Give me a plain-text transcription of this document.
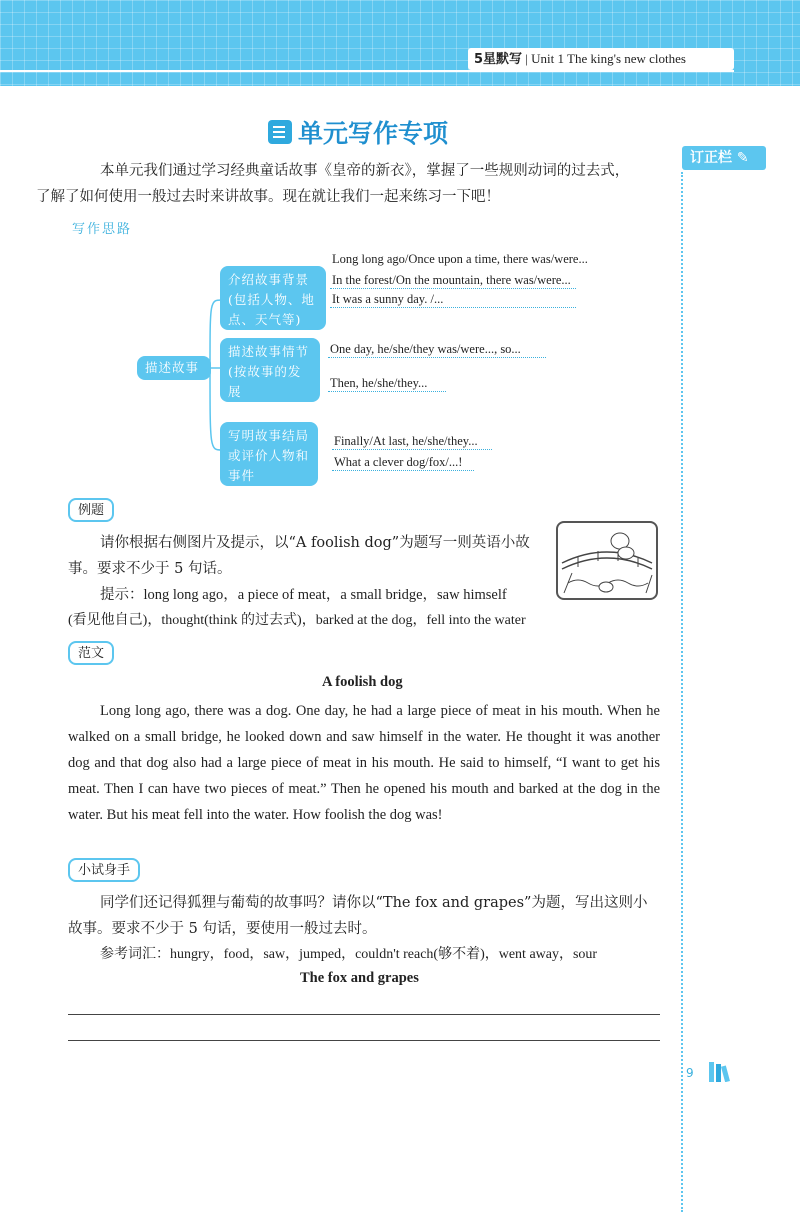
5星默写 | Unit 1 The king's new clothes
单元写作专项
订正栏 ✎
本单元我们通过学习经典童话故事《皇帝的新衣》，掌握了一些规则动词的过去式，
了解了如何使用一般过去时来讲故事。现在就让我们一起来练习一下吧！
写作思路
描述故事
介绍故事背景
(包括人物、地
点、天气等)
描述故事情节
(按故事的发展
顺序)
写明故事结局
或评价人物和
事件
Long long ago/Once upon a time, there was/were...
In the forest/On the mountain, there was/were...
It was a sunny day. /...
One day, he/she/they was/were..., so...
Then, he/she/they...
Finally/At last, he/she/they...
What a clever dog/fox/...!
例题
请你根据右侧图片及提示，以“A foolish dog”为题写一则英语小故
事。要求不少于 5 句话。
提示：long long ago，a piece of meat，a small bridge，saw himself
(看见他自己)，thought(think 的过去式)，barked at the dog，fell into the water
范文
A foolish dog
Long long ago, there was a dog. One day, he had a large piece of meat in his mouth. When he walked on a small bridge, he looked down and saw himself in the water. He thought it was another dog and that dog also had a large piece of meat in his mouth. He said to himself, “I want to get his meat. Then I can have two pieces of meat.” Then he opened his mouth and barked at the dog in the water. But his meat fell into the water. How foolish the dog was!
小试身手
同学们还记得狐狸与葡萄的故事吗？请你以“The fox and grapes”为题，写出这则小
故事。要求不少于 5 句话，要使用一般过去时。
参考词汇：hungry，food，saw，jumped，couldn't reach(够不着)，went away，sour
The fox and grapes
9
